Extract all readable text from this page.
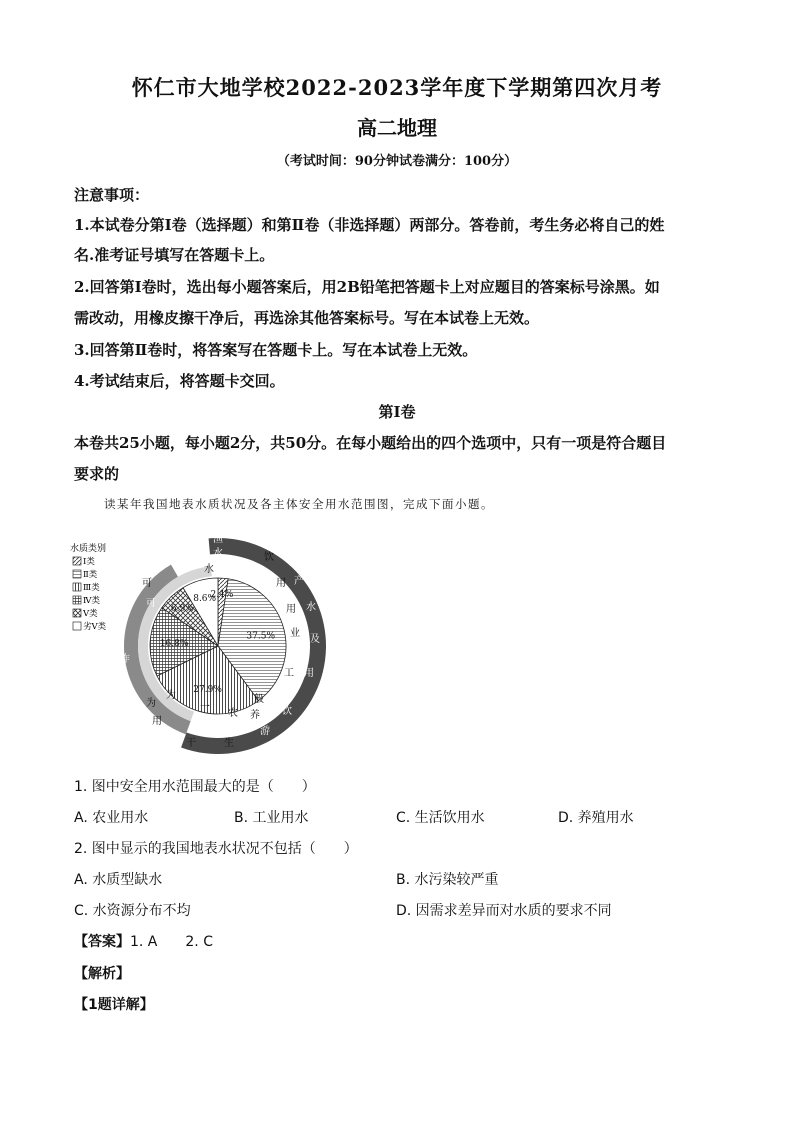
怀仁市大地学校2022-2023学年度下学期第四次月考
高二地理
（考试时间：90分钟试卷满分：100分）
注意事项：
1.本试卷分第Ⅰ卷（选择题）和第Ⅱ卷（非选择题）两部分。答卷前，考生务必将自己的姓
名.准考证号填写在答题卡上。
2.回答第Ⅰ卷时，选出每小题答案后，用2B铅笔把答题卡上对应题目的答案标号涂黑。如
需改动，用橡皮擦干净后，再选涂其他答案标号。写在本试卷上无效。
3.回答第Ⅱ卷时，将答案写在答题卡上。写在本试卷上无效。
4.考试结束后，将答题卡交回。
第Ⅰ卷
本卷共25小题，每小题2分，共50分。在每小题给出的四个选项中，只有一项是符合题目
要求的
读某年我国地表水质状况及各主体安全用水范围图，完成下面小题。
水质类别
Ⅰ类
Ⅱ类
Ⅲ类
Ⅳ类
Ⅴ类
劣Ⅴ类
2.4%
37.5%
27.9%
16.8%
6.9%
8.6%
渔
水
水
饮
用
用
业
工
产
水
及
用
饮
游
养
可
作
可 为
为
用
一
农
干	生
般
可
1. 图中安全用水范围最大的是（　　）
A. 农业用水	B. 工业用水	C. 生活饮用水	D. 养殖用水
2. 图中显示的我国地表水状况不包括（　　）
A. 水质型缺水	B. 水污染较严重
C. 水资源分布不均	D. 因需求差异而对水质的要求不同
【答案】1. A　　2. C
【解析】
【1题详解】
